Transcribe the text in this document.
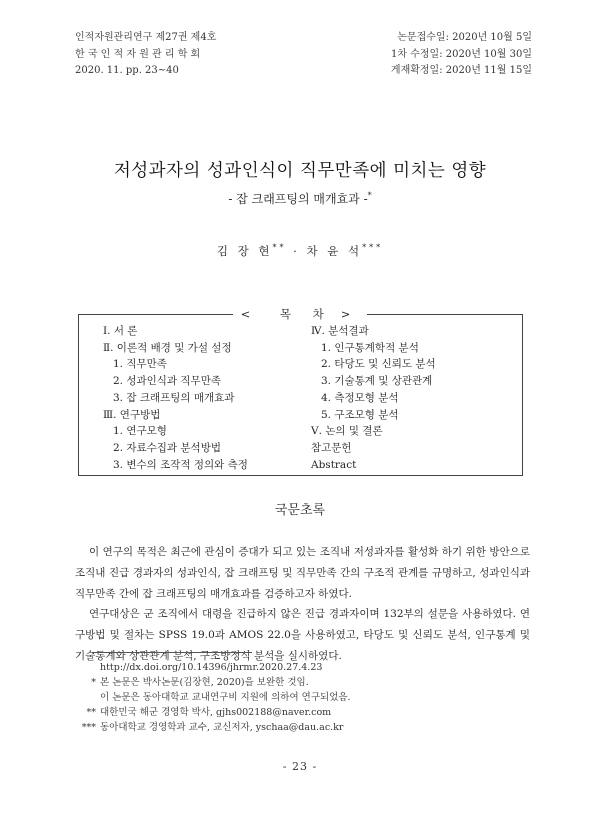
인적자원관리연구 제27권 제4호
한 국 인 적 자 원 관 리 학 회
2020. 11. pp. 23~40
논문접수일: 2020년 10월 5일
1차 수정일: 2020년 10월 30일
게재확정일: 2020년 11월 15일
저성과자의 성과인식이 직무만족에 미치는 영향
- 잡 크래프팅의 매개효과 -*
김 장 현** · 차 윤 석***
< 목 차 >
Ⅰ. 서 론
Ⅱ. 이론적 배경 및 가설 설정
1. 직무만족
2. 성과인식과 직무만족
3. 잡 크래프팅의 매개효과
Ⅲ. 연구방법
1. 연구모형
2. 자료수집과 분석방법
3. 변수의 조작적 정의와 측정
Ⅳ. 분석결과
1. 인구통계학적 분석
2. 타당도 및 신뢰도 분석
3. 기술통계 및 상관관계
4. 측정모형 분석
5. 구조모형 분석
Ⅴ. 논의 및 결론
참고문헌
Abstract
국문초록

이 연구의 목적은 최근에 관심이 증대가 되고 있는 조직내 저성과자를 활성화 하기 위한 방안으로 조직내 진급 경과자의 성과인식, 잡 크래프팅 및 직무만족 간의 구조적 관계를 규명하고, 성과인식과 직무만족 간에 잡 크래프팅의 매개효과를 검증하고자 하였다.

연구대상은 군 조직에서 대령을 진급하지 않은 진급 경과자이며 132부의 설문을 사용하였다. 연구방법 및 절차는 SPSS 19.0과 AMOS 22.0을 사용하였고, 타당도 및 신뢰도 분석, 인구통계 및 기술통계와 상관관계 분석, 구조방정식 분석을 실시하였다.

http://dx.doi.org/10.14396/jhrmr.2020.27.4.23
* 본 논문은 박사논문(김장현, 2020)을 보완한 것임.
이 논문은 동아대학교 교내연구비 지원에 의하여 연구되었음.
** 대한민국 해군 경영학 박사, gjhs002188@naver.com
*** 동아대학교 경영학과 교수, 교신저자, yschaa@dau.ac.kr
- 23 -
